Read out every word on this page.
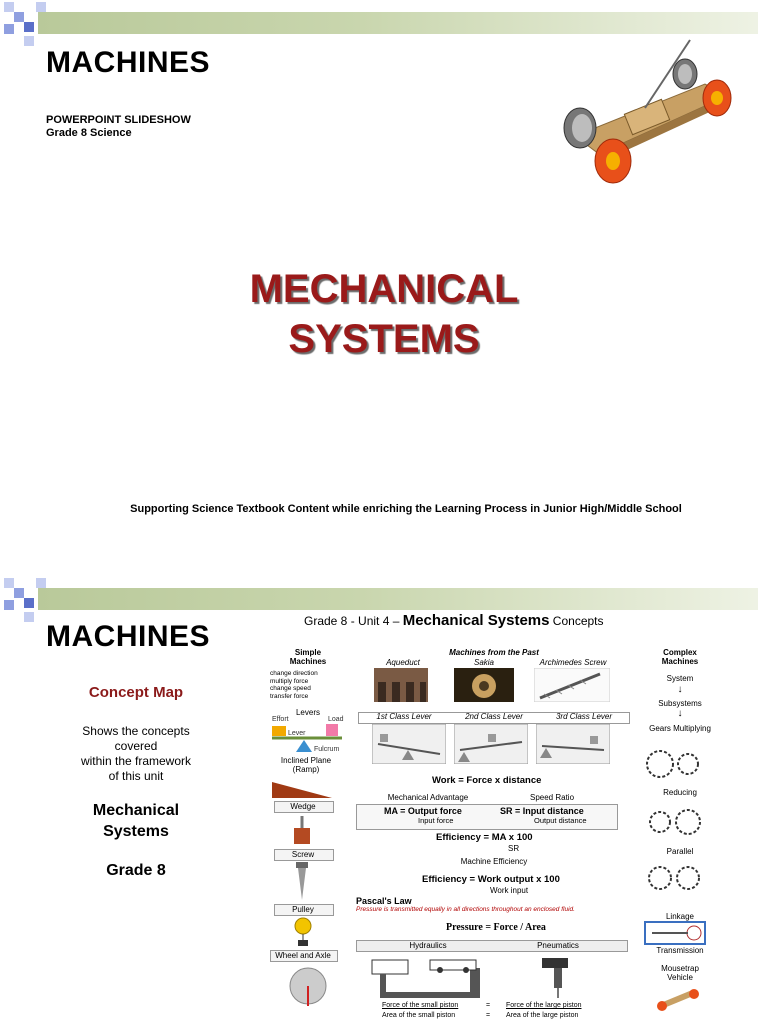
MACHINES
POWERPOINT SLIDESHOW
Grade 8 Science
MECHANICAL
SYSTEMS
Supporting Science Textbook Content while enriching the Learning Process in Junior High/Middle School
MACHINES
Concept Map
Shows the concepts
covered
within the framework
of this unit
Mechanical
Systems
Grade 8
Grade 8 - Unit 4 – Mechanical Systems Concepts
Simple Machines
change direction
multiply force
change speed
transfer force
Levers
Effort	Load
Lever
Fulcrum
Inclined Plane (Ramp)
Wedge
Screw
Pulley
Wheel and Axle
Machines from the Past
Aqueduct	Sakia	Archimedes Screw
1st Class Lever	2nd Class Lever	3rd Class Lever
Work = Force x distance
Mechanical Advantage	Speed Ratio
MA = Output force
Input force
SR = Input distance
Output distance
Efficiency = MA x 100
SR
Machine Efficiency
Efficiency = Work output x 100
Work input
Pascal's Law
Pressure is transmitted equally in all directions throughout an enclosed fluid.
Pressure = Force / Area
Hydraulics	Pneumatics
Force of the small piston
Area of the small piston
=
=
Force of the large piston
Area of the large piston
Complex Machines
System
↓
Subsystems
↓
Gears Multiplying
Reducing
Parallel
Linkage
Transmission
Mousetrap Vehicle
